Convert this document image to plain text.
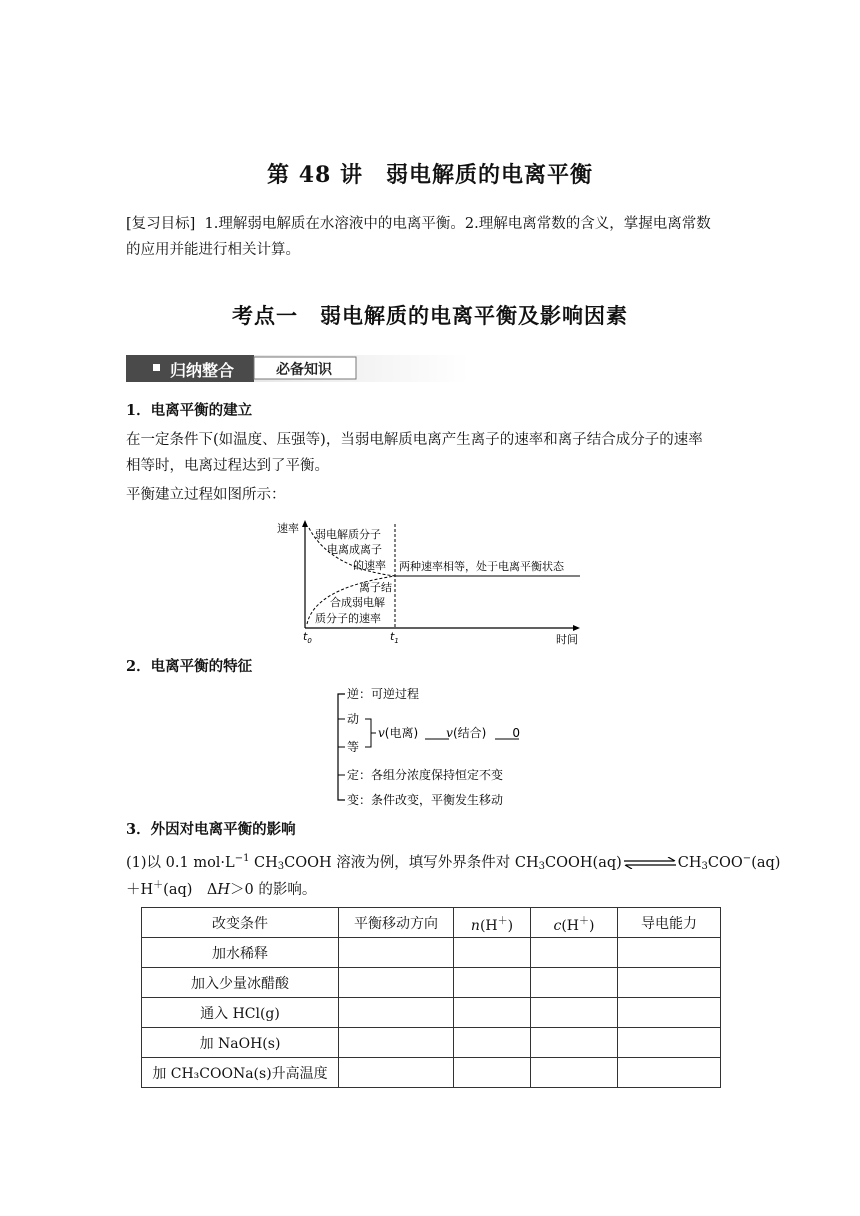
第 48 讲　弱电解质的电离平衡
[复习目标] 1.理解弱电解质在水溶液中的电离平衡。2.理解电离常数的含义，掌握电离常数
的应用并能进行相关计算。
考点一　弱电解质的电离平衡及影响因素
归纳整合	必备知识
1．电离平衡的建立
在一定条件下(如温度、压强等)，当弱电解质电离产生离子的速率和离子结合成分子的速率
相等时，电离过程达到了平衡。
平衡建立过程如图所示：
速率
时间
$t_0$	$t_1$
弱电解质分子
电离成离子
的速率 两种速率相等，处于电离平衡状态
离子结
合成弱电解
质分子的速率
2．电离平衡的特征
逆：可逆过程
动
等
v(电离) v(结合) 0
定：各组分浓度保持恒定不变
变：条件改变，平衡发生移动
3．外因对电离平衡的影响
(1)以 0.1 $mol\cdot L^{-1}$ $CH_3COOH$ 溶液为例，填写外界条件对 $CH_3COOH(aq)\rightleftharpoons CH_3COO^-(aq)$
＋H＋(aq)　ΔH＞0 的影响。
改变条件	平衡移动方向	n(H＋)	c(H＋)	导电能力
加水稀释				
加入少量冰醋酸				
通入 HCl(g)				
加 NaOH(s)				
加 CH₃COONa(s)升高温度				
